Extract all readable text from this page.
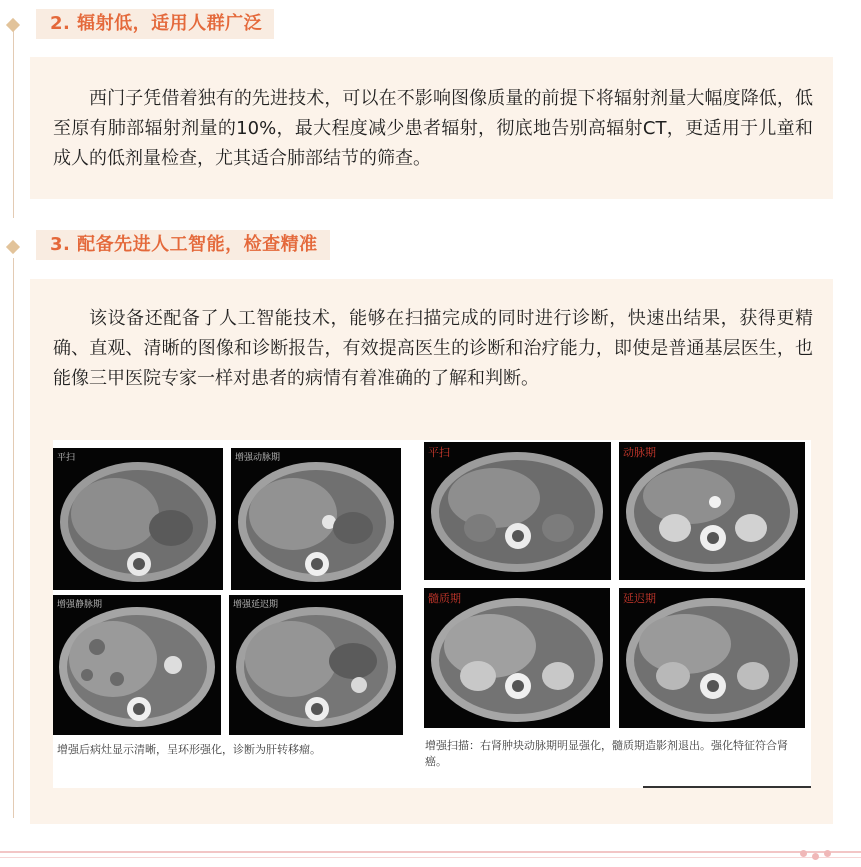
2. 辐射低，适用人群广泛

西门子凭借着独有的先进技术，可以在不影响图像质量的前提下将辐射剂量大幅度降低，低至原有肺部辐射剂量的10%，最大程度减少患者辐射，彻底地告别高辐射CT，更适用于儿童和成人的低剂量检查，尤其适合肺部结节的筛查。

3. 配备先进人工智能，检查精准

该设备还配备了人工智能技术，能够在扫描完成的同时进行诊断，快速出结果，获得更精确、直观、清晰的图像和诊断报告，有效提高医生的诊断和治疗能力，即使是普通基层医生，也能像三甲医院专家一样对患者的病情有着准确的了解和判断。

平扫	增强动脉期
增强静脉期	增强延迟期
增强后病灶显示清晰，呈环形强化，诊断为肝转移瘤。
平扫	动脉期
髓质期	延迟期
增强扫描：右肾肿块动脉期明显强化，髓质期造影剂退出。强化特征符合肾癌。
